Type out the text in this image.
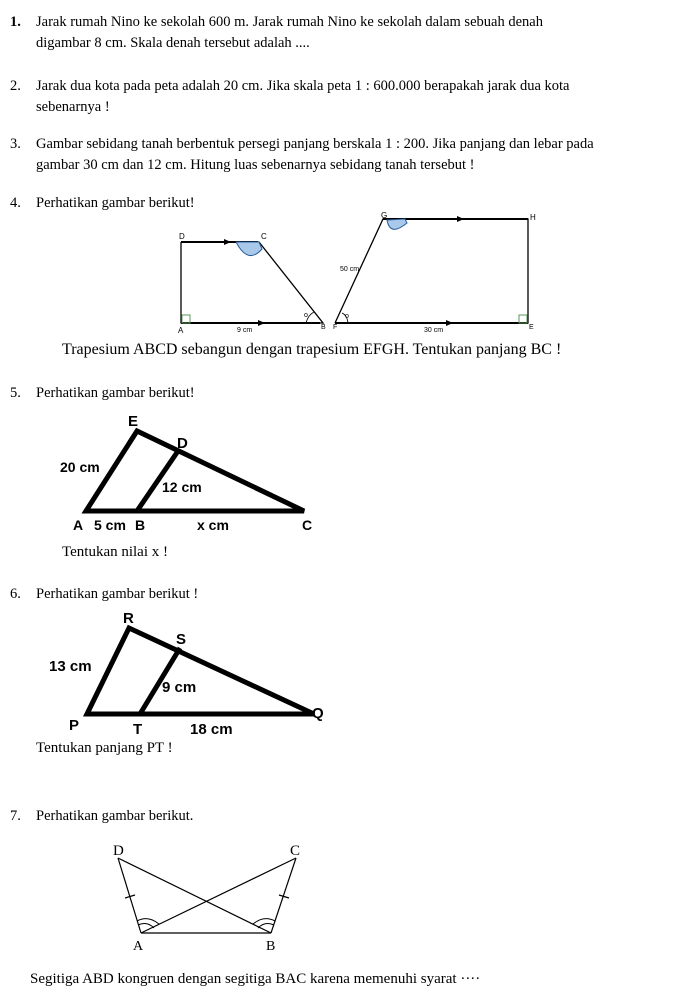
1. Jarak rumah Nino ke sekolah 600 m. Jarak rumah Nino ke sekolah dalam sebuah denah
digambar 8 cm. Skala denah tersebut adalah ....
2. Jarak dua kota pada peta adalah 20 cm. Jika skala peta 1 : 600.000 berapakah jarak dua kota
sebenarnya !
3. Gambar sebidang tanah berbentuk persegi panjang berskala 1 : 200. Jika panjang dan lebar pada
gambar 30 cm dan 12 cm. Hitung luas sebenarnya sebidang tanah tersebut !
4. Perhatikan gambar berikut!
D	C
A	B
9 cm
o
G	H
F	E
50 cm
30 cm
o
Trapesium ABCD sebangun dengan trapesium EFGH. Tentukan panjang BC !
5. Perhatikan gambar berikut!
E
D
20 cm
12 cm
A 5 cm B	x cm	C
Tentukan nilai x !
6. Perhatikan gambar berikut !
R
S
13 cm
9 cm
P	T	18 cm
Q
Tentukan panjang PT !
7. Perhatikan gambar berikut.
D	C
A	B
Segitiga ABD kongruen dengan segitiga BAC karena memenuhi syarat ····
